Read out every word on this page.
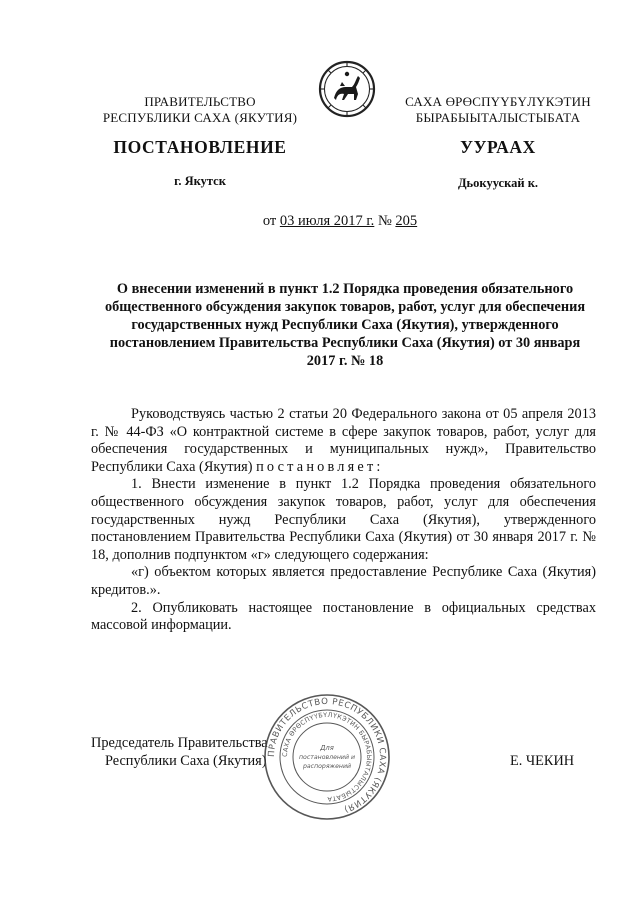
ПРАВИТЕЛЬСТВО
РЕСПУБЛИКИ САХА (ЯКУТИЯ)
САХА ӨРӨСПҮҮБҮЛҮКЭТИН
БЫРАБЫЫТАЛЫСТЫБАТА
ПОСТАНОВЛЕНИЕ	УУРААХ
г. Якутск	Дьокуускай к.
от 03 июля 2017 г. № 205
О внесении изменений в пункт 1.2 Порядка проведения обязательного общественного обсуждения закупок товаров, работ, услуг для обеспечения государственных нужд Республики Саха (Якутия), утвержденного постановлением Правительства Республики Саха (Якутия) от 30 января 2017 г. № 18
Руководствуясь частью 2 статьи 20 Федерального закона от 05 апреля 2013 г. № 44-ФЗ «О контрактной системе в сфере закупок товаров, работ, услуг для обеспечения государственных и муниципальных нужд», Правительство Республики Саха (Якутия) постановляет:
1. Внести изменение в пункт 1.2 Порядка проведения обязательного общественного обсуждения закупок товаров, работ, услуг для обеспечения государственных нужд Республики Саха (Якутия), утвержденного постановлением Правительства Республики Саха (Якутия) от 30 января 2017 г. № 18, дополнив подпунктом «г» следующего содержания:
«г) объектом которых является предоставление Республике Саха (Якутия) кредитов.».
2. Опубликовать настоящее постановление в официальных средствах массовой информации.
Председатель Правительства
Республики Саха (Якутия)	Е. ЧЕКИН
ПРАВИТЕЛЬСТВО РЕСПУБЛИКИ САХА (ЯКУТИЯ)
САХА ӨРӨСПҮҮБҮЛҮКЭТИН БЫРАБЫЫТАЛЫСТЫБАТА
Для
постановлений и
распоряжений
